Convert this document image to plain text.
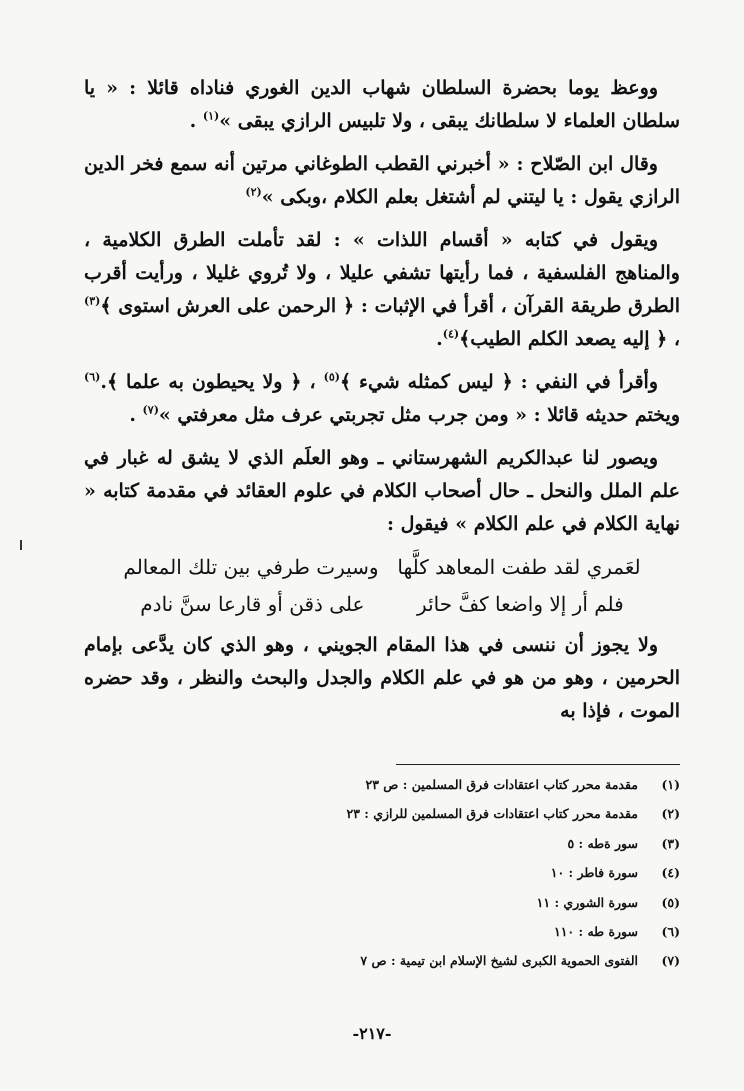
ووعظ يوما بحضرة السلطان شهاب الدين الغوري فناداه قائلا : « يا سلطان العلماء لا سلطانك يبقى ، ولا تلبيس الرازي يبقى »$^{(١)}$ .

وقال ابن الصّلاح : « أخبرني القطب الطوغاني مرتين أنه سمع فخر الدين الرازي يقول : يا ليتني لم أشتغل بعلم الكلام ،وبكى »$^{(٢)}$

ويقول في كتابه « أقسام اللذات » : لقد تأملت الطرق الكلامية ، والمناهج الفلسفية ، فما رأيتها تشفي عليلا ، ولا تُروي غليلا ، ورأيت أقرب الطرق طريقة القرآن ، أقرأ في الإثبات : ﴿ الرحمن على العرش استوى ﴾$^{(٣)}$ ، ﴿ إليه يصعد الكلم الطيب﴾$^{(٤)}$.

وأقرأ في النفي : ﴿ ليس كمثله شيء ﴾$^{(٥)}$ ، ﴿ ولا يحيطون به علما ﴾.$^{(٦)}$ ويختم حديثه قائلا : « ومن جرب مثل تجربتي عرف مثل معرفتي »$^{(٧)}$ .

ويصور لنا عبدالكريم الشهرستاني ـ وهو العلَم الذي لا يشق له غبار في علم الملل والنحل ـ حال أصحاب الكلام في علوم العقائد في مقدمة كتابه « نهاية الكلام في علم الكلام » فيقول :

لعَمري لقد طفت المعاهد كلَّها
وسيرت طرفي بين تلك المعالم
فلم أر إلا واضعا كفَّ حائر
على ذقن أو قارعا سنَّ نادم

ولا يجوز أن ننسى في هذا المقام الجويني ، وهو الذي كان يدَّعى بإمام الحرمين ، وهو من هو في علم الكلام والجدل والبحث والنظر ، وقد حضره الموت ، فإذا به

(١)
مقدمة محرر كتاب اعتقادات فرق المسلمين : ص ٢٣
(٢)
مقدمة محرر كتاب اعتقادات فرق المسلمين للرازي : ٢٣
(٣)
سور ةطه : ٥
(٤)
سورة فاطر : ١٠
(٥)
سورة الشوري : ١١
(٦)
سورة طه : ١١٠
(٧)
الفتوى الحموية الكبرى لشيخ الإسلام ابن تيمية : ص ٧
-٢١٧-
